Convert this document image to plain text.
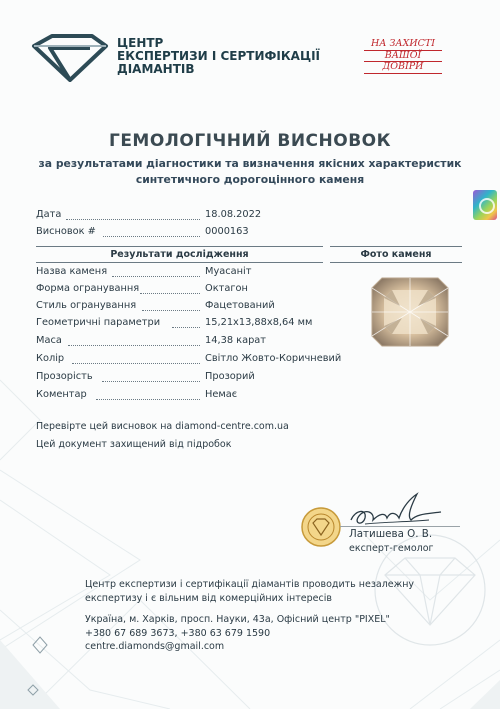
ЦЕНТР
ЕКСПЕРТИЗИ І СЕРТИФІКАЦІЇ
ДІАМАНТІВ
НА ЗАХИСТІ
ВАШОЇ
ДОВІРИ
ГЕМОЛОГІЧНИЙ ВИСНОВОК
за результатами діагностики та визначення якісних характеристик
синтетичного дорогоцінного каменя
Дата	18.08.2022
Висновок #	0000163
Результати дослідження	Фото каменя
Назва каменя	Муасаніт
Форма огранування	Октагон
Стиль огранування	Фацетований
Геометричні параметри	15,21x13,88x8,64 мм
Маса	14,38 карат
Колір	Світло Жовто-Коричневий
Прозорість	Прозорий
Коментар	Немає
Перевірте цей висновок на diamond-centre.com.ua
Цей документ захищений від підробок
Латишева О. В.
експерт-гемолог
Центр експертизи і сертифікації діамантів проводить незалежну
експертизу і є вільним від комерційних інтересів
Україна, м. Харків, просп. Науки, 43а, Офісний центр "PIXEL"
+380 67 689 3673, +380 63 679 1590
centre.diamonds@gmail.com
